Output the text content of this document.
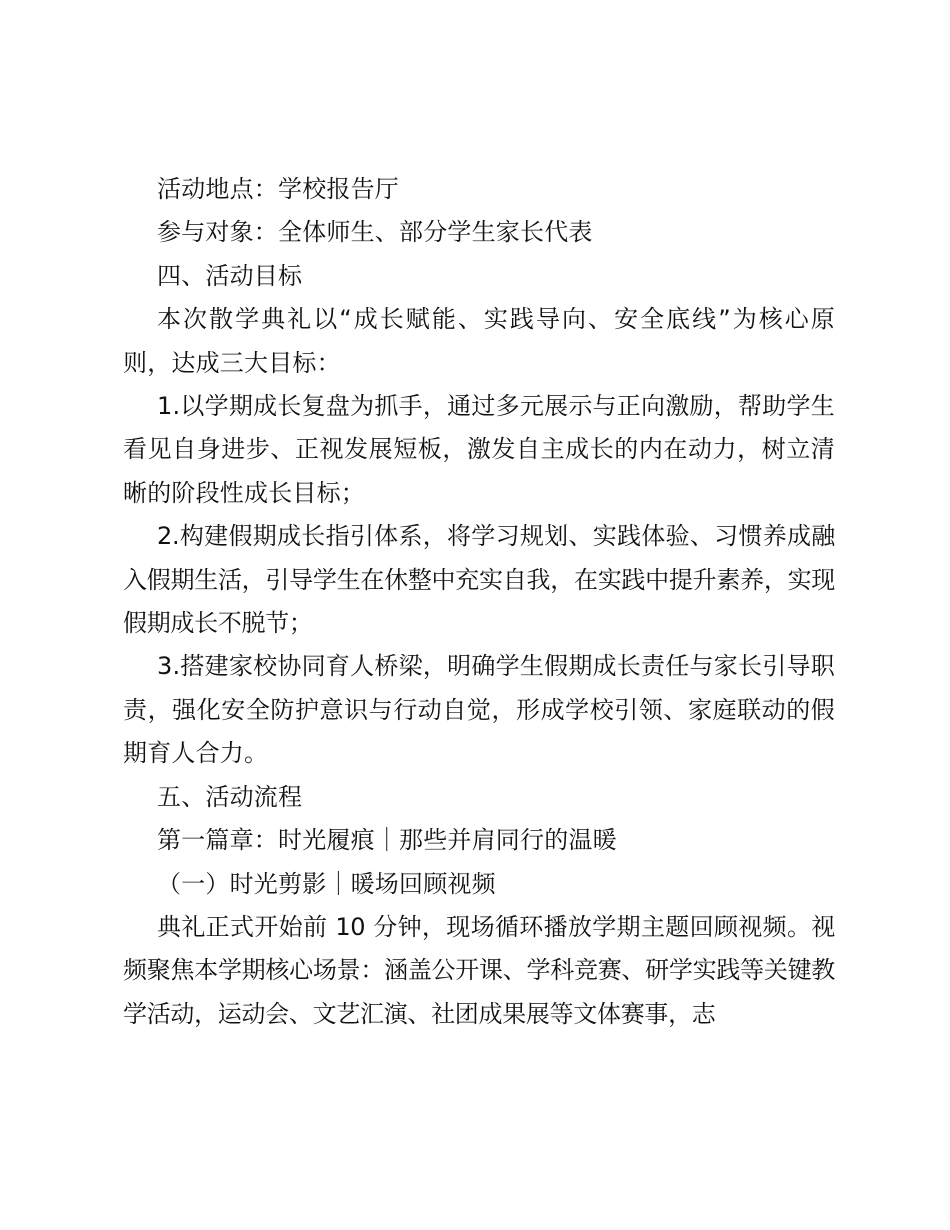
活动地点：学校报告厅

参与对象：全体师生、部分学生家长代表

四、活动目标

本次散学典礼以“成长赋能、实践导向、安全底线”为核心原则，达成三大目标：

1.以学期成长复盘为抓手，通过多元展示与正向激励，帮助学生看见自身进步、正视发展短板，激发自主成长的内在动力，树立清晰的阶段性成长目标；

2.构建假期成长指引体系，将学习规划、实践体验、习惯养成融入假期生活，引导学生在休整中充实自我，在实践中提升素养，实现假期成长不脱节；

3.搭建家校协同育人桥梁，明确学生假期成长责任与家长引导职责，强化安全防护意识与行动自觉，形成学校引领、家庭联动的假期育人合力。

五、活动流程

第一篇章：时光履痕｜那些并肩同行的温暖

（一）时光剪影｜暖场回顾视频

典礼正式开始前 10 分钟，现场循环播放学期主题回顾视频。视频聚焦本学期核心场景：涵盖公开课、学科竞赛、研学实践等关键教学活动，运动会、文艺汇演、社团成果展等文体赛事，志
